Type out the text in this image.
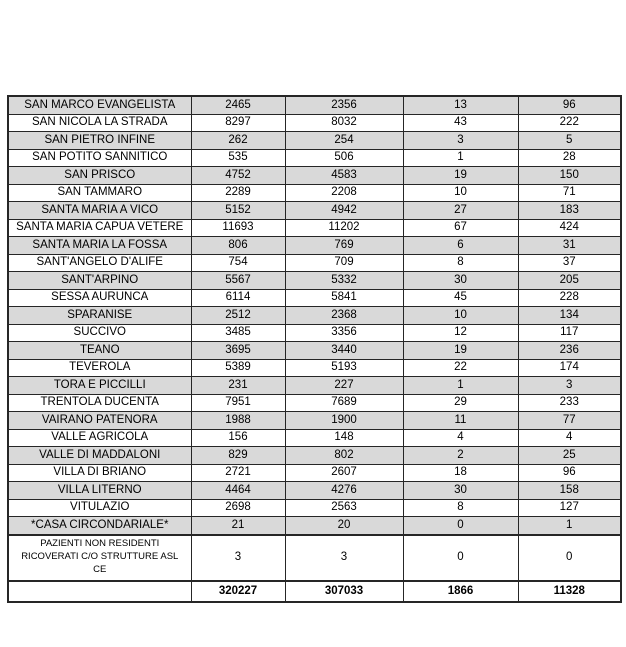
SAN MARCO EVANGELISTA	2465	2356	13	96
SAN NICOLA LA STRADA	8297	8032	43	222
SAN PIETRO INFINE	262	254	3	5
SAN POTITO SANNITICO	535	506	1	28
SAN PRISCO	4752	4583	19	150
SAN TAMMARO	2289	2208	10	71
SANTA MARIA A VICO	5152	4942	27	183
SANTA MARIA CAPUA VETERE	11693	11202	67	424
SANTA MARIA LA FOSSA	806	769	6	31
SANT'ANGELO D'ALIFE	754	709	8	37
SANT'ARPINO	5567	5332	30	205
SESSA AURUNCA	6114	5841	45	228
SPARANISE	2512	2368	10	134
SUCCIVO	3485	3356	12	117
TEANO	3695	3440	19	236
TEVEROLA	5389	5193	22	174
TORA E PICCILLI	231	227	1	3
TRENTOLA DUCENTA	7951	7689	29	233
VAIRANO PATENORA	1988	1900	11	77
VALLE AGRICOLA	156	148	4	4
VALLE DI MADDALONI	829	802	2	25
VILLA DI BRIANO	2721	2607	18	96
VILLA LITERNO	4464	4276	30	158
VITULAZIO	2698	2563	8	127
*CASA CIRCONDARIALE*	21	20	0	1
PAZIENTI NON RESIDENTI RICOVERATI C/O STRUTTURE ASL CE	3	3	0	0
	320227	307033	1866	11328
